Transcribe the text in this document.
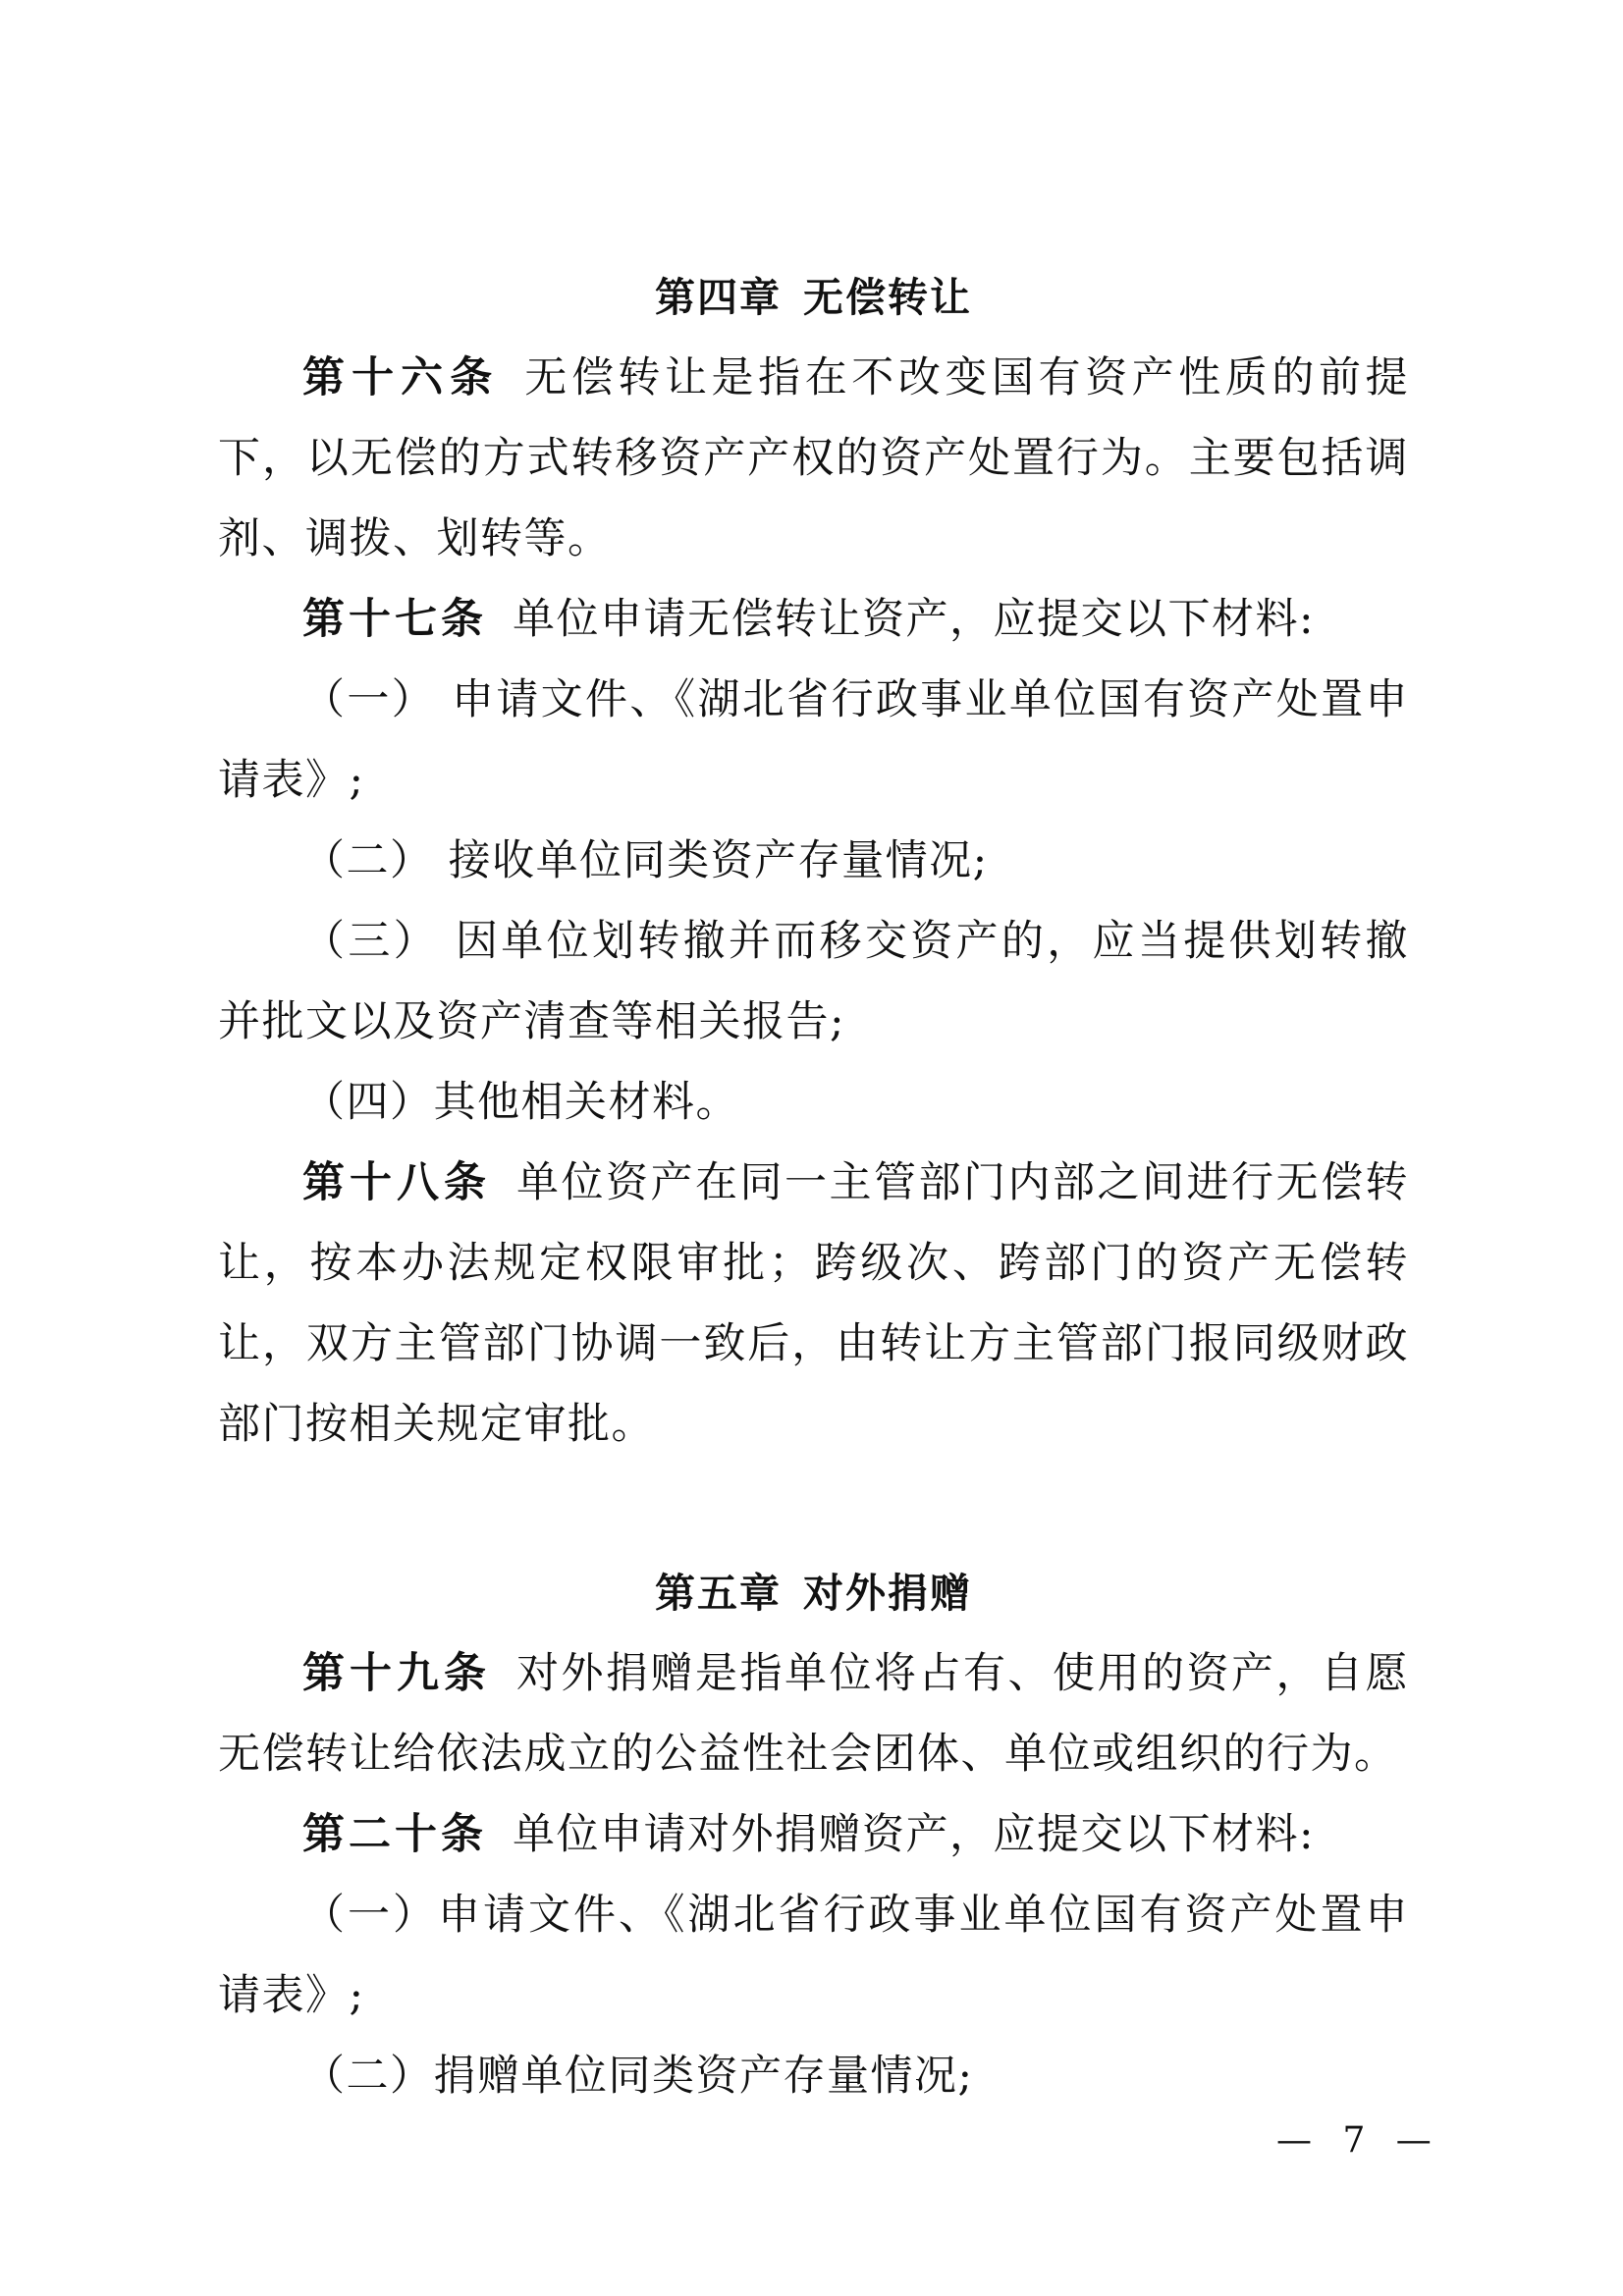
第四章 无偿转让

第十六条 无偿转让是指在不改变国有资产性质的前提下，以无偿的方式转移资产产权的资产处置行为。主要包括调剂、调拨、划转等。

第十七条 单位申请无偿转让资产，应提交以下材料:

（一） 申请文件、《湖北省行政事业单位国有资产处置申请表》;

（二） 接收单位同类资产存量情况;

（三） 因单位划转撤并而移交资产的，应当提供划转撤并批文以及资产清查等相关报告;

（四）其他相关材料。

第十八条 单位资产在同一主管部门内部之间进行无偿转让，按本办法规定权限审批；跨级次、跨部门的资产无偿转让，双方主管部门协调一致后，由转让方主管部门报同级财政部门按相关规定审批。

第五章 对外捐赠

第十九条 对外捐赠是指单位将占有、使用的资产，自愿无偿转让给依法成立的公益性社会团体、单位或组织的行为。

第二十条 单位申请对外捐赠资产，应提交以下材料:

（一）申请文件、《湖北省行政事业单位国有资产处置申请表》;

（二）捐赠单位同类资产存量情况;

— 7 —
